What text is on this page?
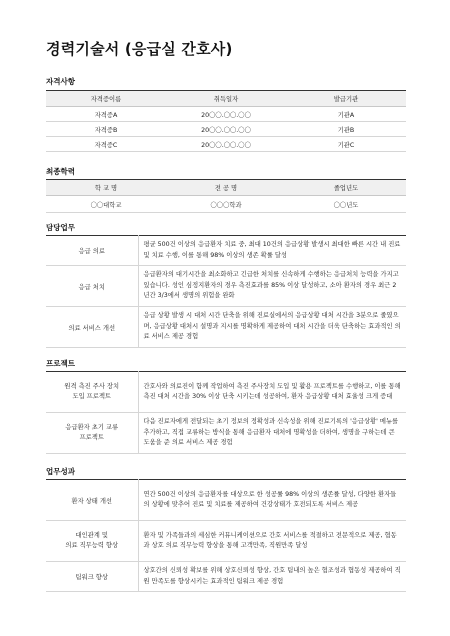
경력기술서 (응급실 간호사)
자격사항
자격증이름	취득일자	발급기관
자격증A	20〇〇.〇〇.〇〇	기관A
자격증B	20〇〇.〇〇.〇〇	기관B
자격증C	20〇〇.〇〇.〇〇	기관C
최종학력
학 교 명	전 공 명	졸업년도
〇〇대학교	〇〇〇학과	〇〇년도
담당업무
응급 의료	평균 500건 이상의 응급환자 치료 중, 최대 10건의 응급상황 발생시 최대한 빠른 시간 내 진료 및 치료 수행, 이를 통해 98% 이상의 생존 확률 달성
응급 처치	응급환자의 대기시간을 최소화하고 긴급한 처치를 신속하게 수행하는 응급처치 능력을 가지고 있습니다. 성인 심정지환자의 경우 측진효과를 85% 이상 달성하고, 소아 환자의 경우 최근 2년간 3/3에서 생명의 위험을 완화
의료 서비스 개선	응급 상황 발생 시 대처 시간 단축을 위해 진료실에서의 응급상황 대처 시간을 3분으로 줄였으며, 응급상황 대처시 설명과 지시를 명확하게 제공하여 대처 시간을 더욱 단축하는 효과적인 의료 서비스 제공 경험
프로젝트
원격 측진 주사 장치
도입 프로젝트	간호사와 의료진이 함께 작업하여 측진 주사장치 도입 및 활용 프로젝트를 수행하고, 이를 통해 측진 대처 시간을 30% 이상 단축 시키는데 성공하여, 환자 응급상황 대처 효율성 크게 증대
응급환자 초기 교류
프로젝트	다음 진료자에게 전달되는 초기 정보의 정확성과 신속성을 위해 진료기록의 '응급상황' 메뉴를 추가하고, 직접 교류하는 방식을 통해 응급환자 대처에 명확성을 더하여, 생명을 구하는데 큰 도움을 준 의료 서비스 제공 경험
업무성과
환자 상태 개선	연간 500건 이상의 응급환자를 대상으로 한 성공률 98% 이상의 생존률 달성, 다양한 환자들의 상황에 맞추어 진료 및 치료를 제공하여 건강상태가 호전되도록 서비스 제공
대인관계 및
의료 직무능력 향상	환자 및 가족들과의 세심한 커뮤니케이션으로 간호 서비스를 적절하고 전문적으로 제공, 협동과 상호 의료 직무능력 향상을 통해 고객만족, 직원만족 달성
팀워크 향상	상호간의 신뢰성 확보를 위해 상호신뢰성 향상, 간호 팀내의 높은 협조성과 협동성 제공하여 직원 만족도를 향상시키는 효과적인 팀워크 제공 경험
